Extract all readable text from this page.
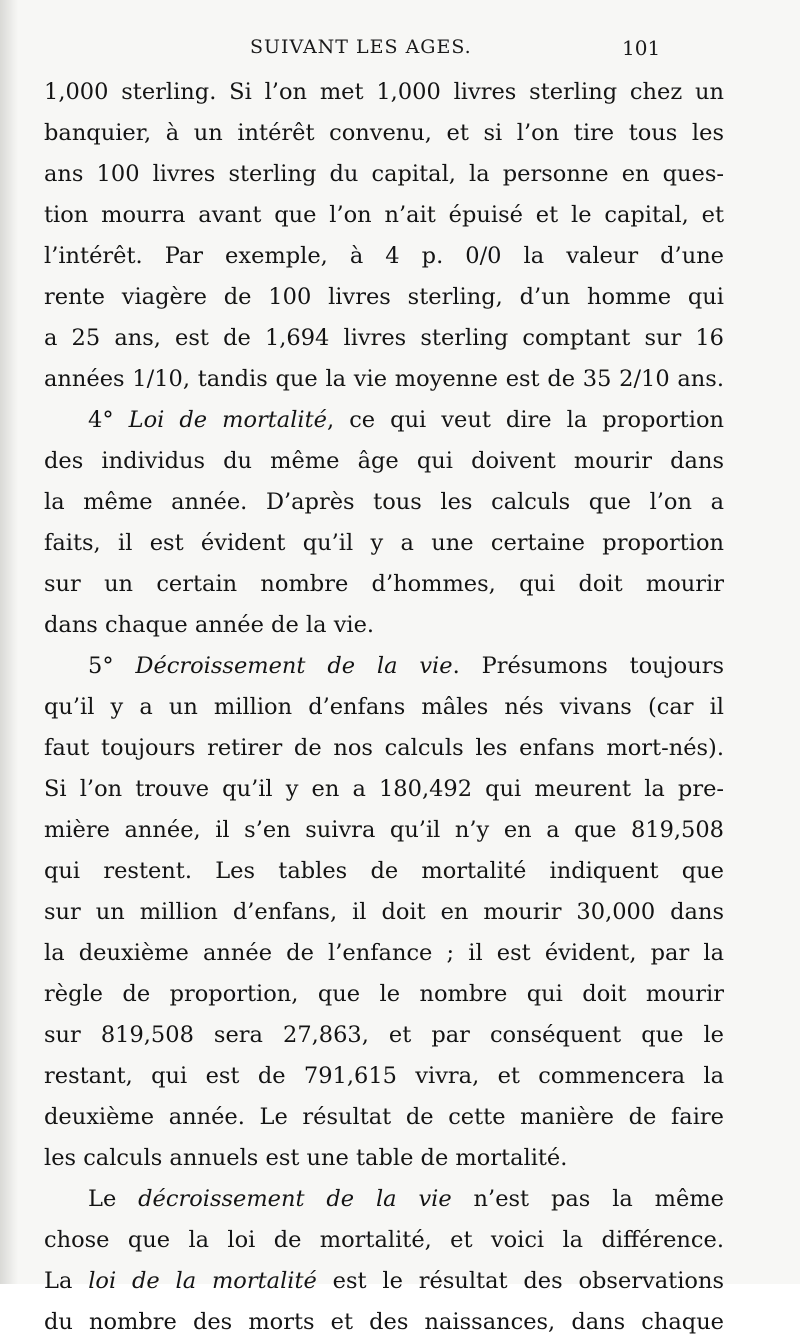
SUIVANT LES AGES.	101
1,000 sterling. Si l’on met 1,000 livres sterling chez un
banquier, à un intérêt convenu, et si l’on tire tous les
ans 100 livres sterling du capital, la personne en ques-
tion mourra avant que l’on n’ait épuisé et le capital, et
l’intérêt. Par exemple, à 4 p. 0/0 la valeur d’une
rente viagère de 100 livres sterling, d’un homme qui
a 25 ans, est de 1,694 livres sterling comptant sur 16
années 1/10, tandis que la vie moyenne est de 35 2/10 ans.
4° Loi de mortalité, ce qui veut dire la proportion
des individus du même âge qui doivent mourir dans
la même année. D’après tous les calculs que l’on a
faits, il est évident qu’il y a une certaine proportion
sur un certain nombre d’hommes, qui doit mourir
dans chaque année de la vie.
5° Décroissement de la vie. Présumons toujours
qu’il y a un million d’enfans mâles nés vivans (car il
faut toujours retirer de nos calculs les enfans mort-nés).
Si l’on trouve qu’il y en a 180,492 qui meurent la pre-
mière année, il s’en suivra qu’il n’y en a que 819,508
qui restent. Les tables de mortalité indiquent que
sur un million d’enfans, il doit en mourir 30,000 dans
la deuxième année de l’enfance ; il est évident, par la
règle de proportion, que le nombre qui doit mourir
sur 819,508 sera 27,863, et par conséquent que le
restant, qui est de 791,615 vivra, et commencera la
deuxième année. Le résultat de cette manière de faire
les calculs annuels est une table de mortalité.
Le décroissement de la vie n’est pas la même
chose que la loi de mortalité, et voici la différence.
La loi de la mortalité est le résultat des observations
du nombre des morts et des naissances, dans chaque
